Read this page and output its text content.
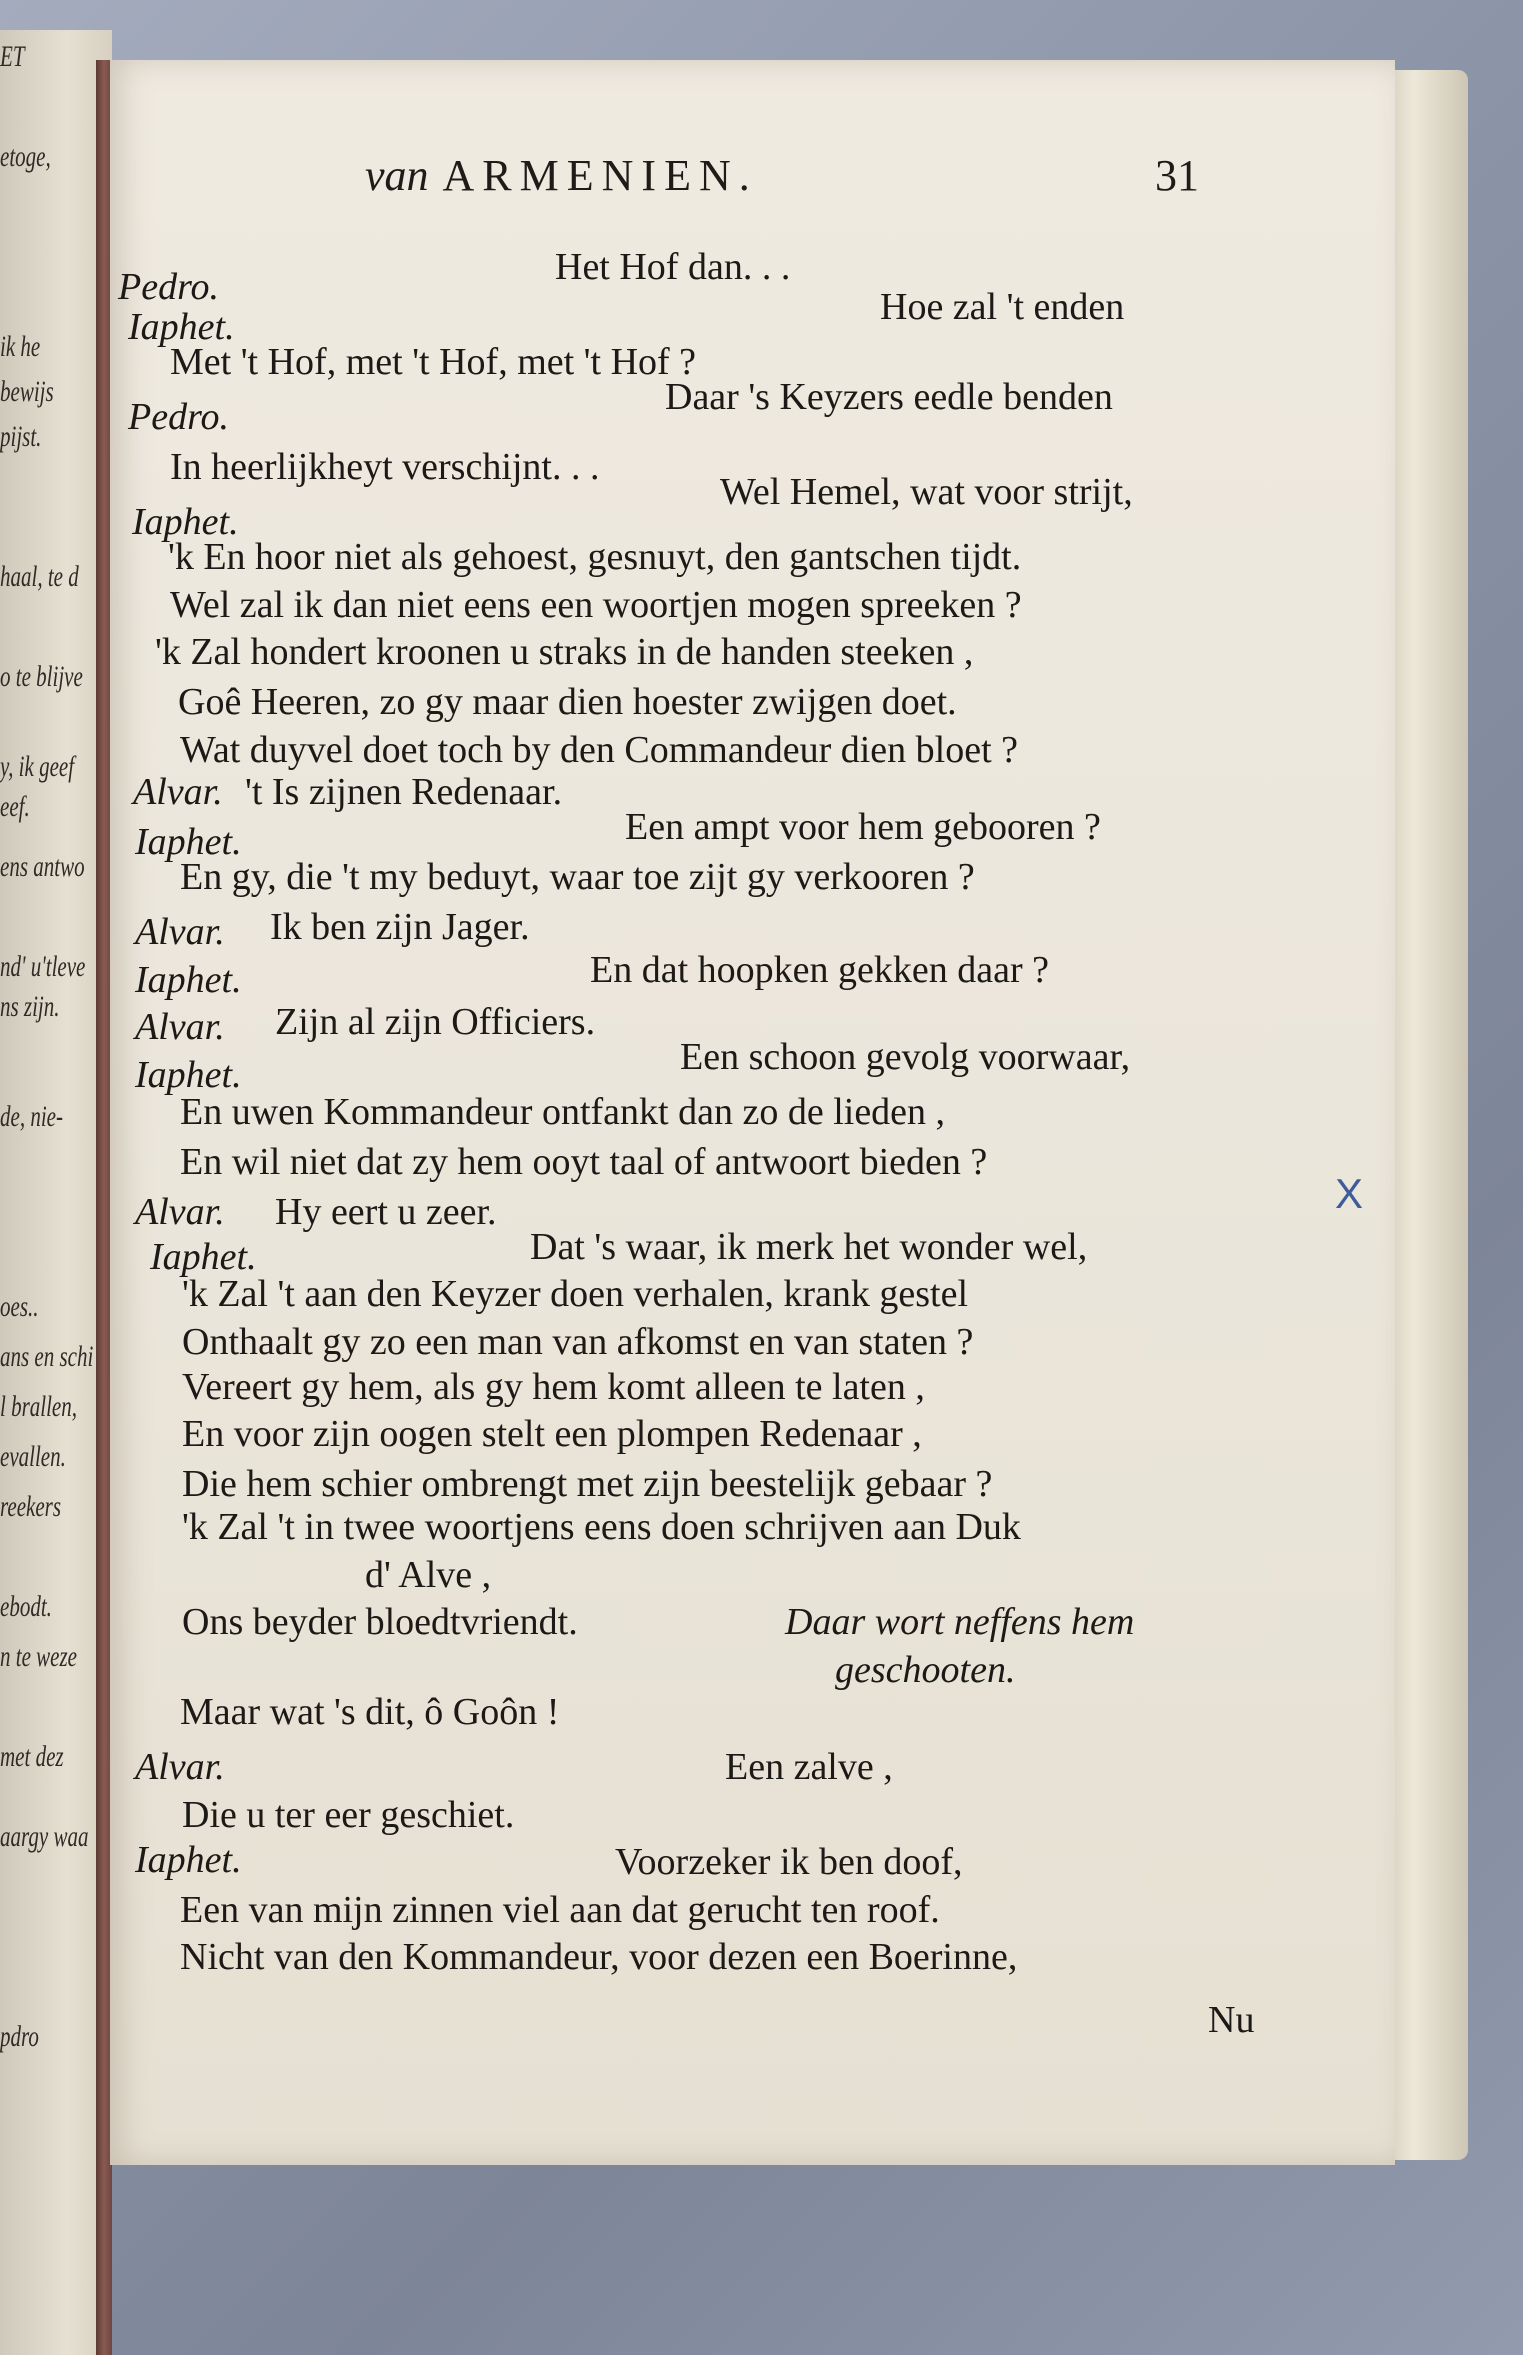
ET
etoge,
ik he
bewijs
pijst.
haal, te d
o te blijve
y, ik geef
eef.
ens antwo
nd' u'tleve
ns zijn.
de, nie-
oes..
ans en schi
l brallen,
evallen.
reekers
ebodt.
n te weze
met dez
aargy waa
pdro
van ARMENIEN.	31
Het Hof dan. . .
Pedro.	Hoe zal 't enden
Iaphet.
Met 't Hof, met 't Hof, met 't Hof ?
Pedro.	Daar 's Keyzers eedle benden
In heerlijkheyt verschijnt. . .
Wel Hemel, wat voor strijt,
Iaphet.
'k En hoor niet als gehoest, gesnuyt, den gantschen tijdt.
Wel zal ik dan niet eens een woortjen mogen spreeken ?
'k Zal hondert kroonen u straks in de handen steeken ,
Goê Heeren, zo gy maar dien hoester zwijgen doet.
Wat duyvel doet toch by den Commandeur dien bloet ?
Alvar. 't Is zijnen Redenaar.
Iaphet.	Een ampt voor hem gebooren ?
En gy, die 't my beduyt, waar toe zijt gy verkooren ?
Alvar. Ik ben zijn Jager.
Iaphet.	En dat hoopken gekken daar ?
Alvar. Zijn al zijn Officiers.
Iaphet.	Een schoon gevolg voorwaar,
En uwen Kommandeur ontfankt dan zo de lieden ,
En wil niet dat zy hem ooyt taal of antwoort bieden ?
Alvar. Hy eert u zeer.
Iaphet.	Dat 's waar, ik merk het wonder wel,
'k Zal 't aan den Keyzer doen verhalen, krank gestel
Onthaalt gy zo een man van afkomst en van staten ?
Vereert gy hem, als gy hem komt alleen te laten ,
En voor zijn oogen stelt een plompen Redenaar ,
Die hem schier ombrengt met zijn beestelijk gebaar ?
'k Zal 't in twee woortjens eens doen schrijven aan Duk
d' Alve ,
Ons beyder bloedtvriendt.	Daar wort neffens hem
geschooten.
Maar wat 's dit, ô Goôn !
Alvar.	Een zalve ,
Die u ter eer geschiet.
Iaphet.	Voorzeker ik ben doof,
Een van mijn zinnen viel aan dat gerucht ten roof.
Nicht van den Kommandeur, voor dezen een Boerinne,
Nu
X
